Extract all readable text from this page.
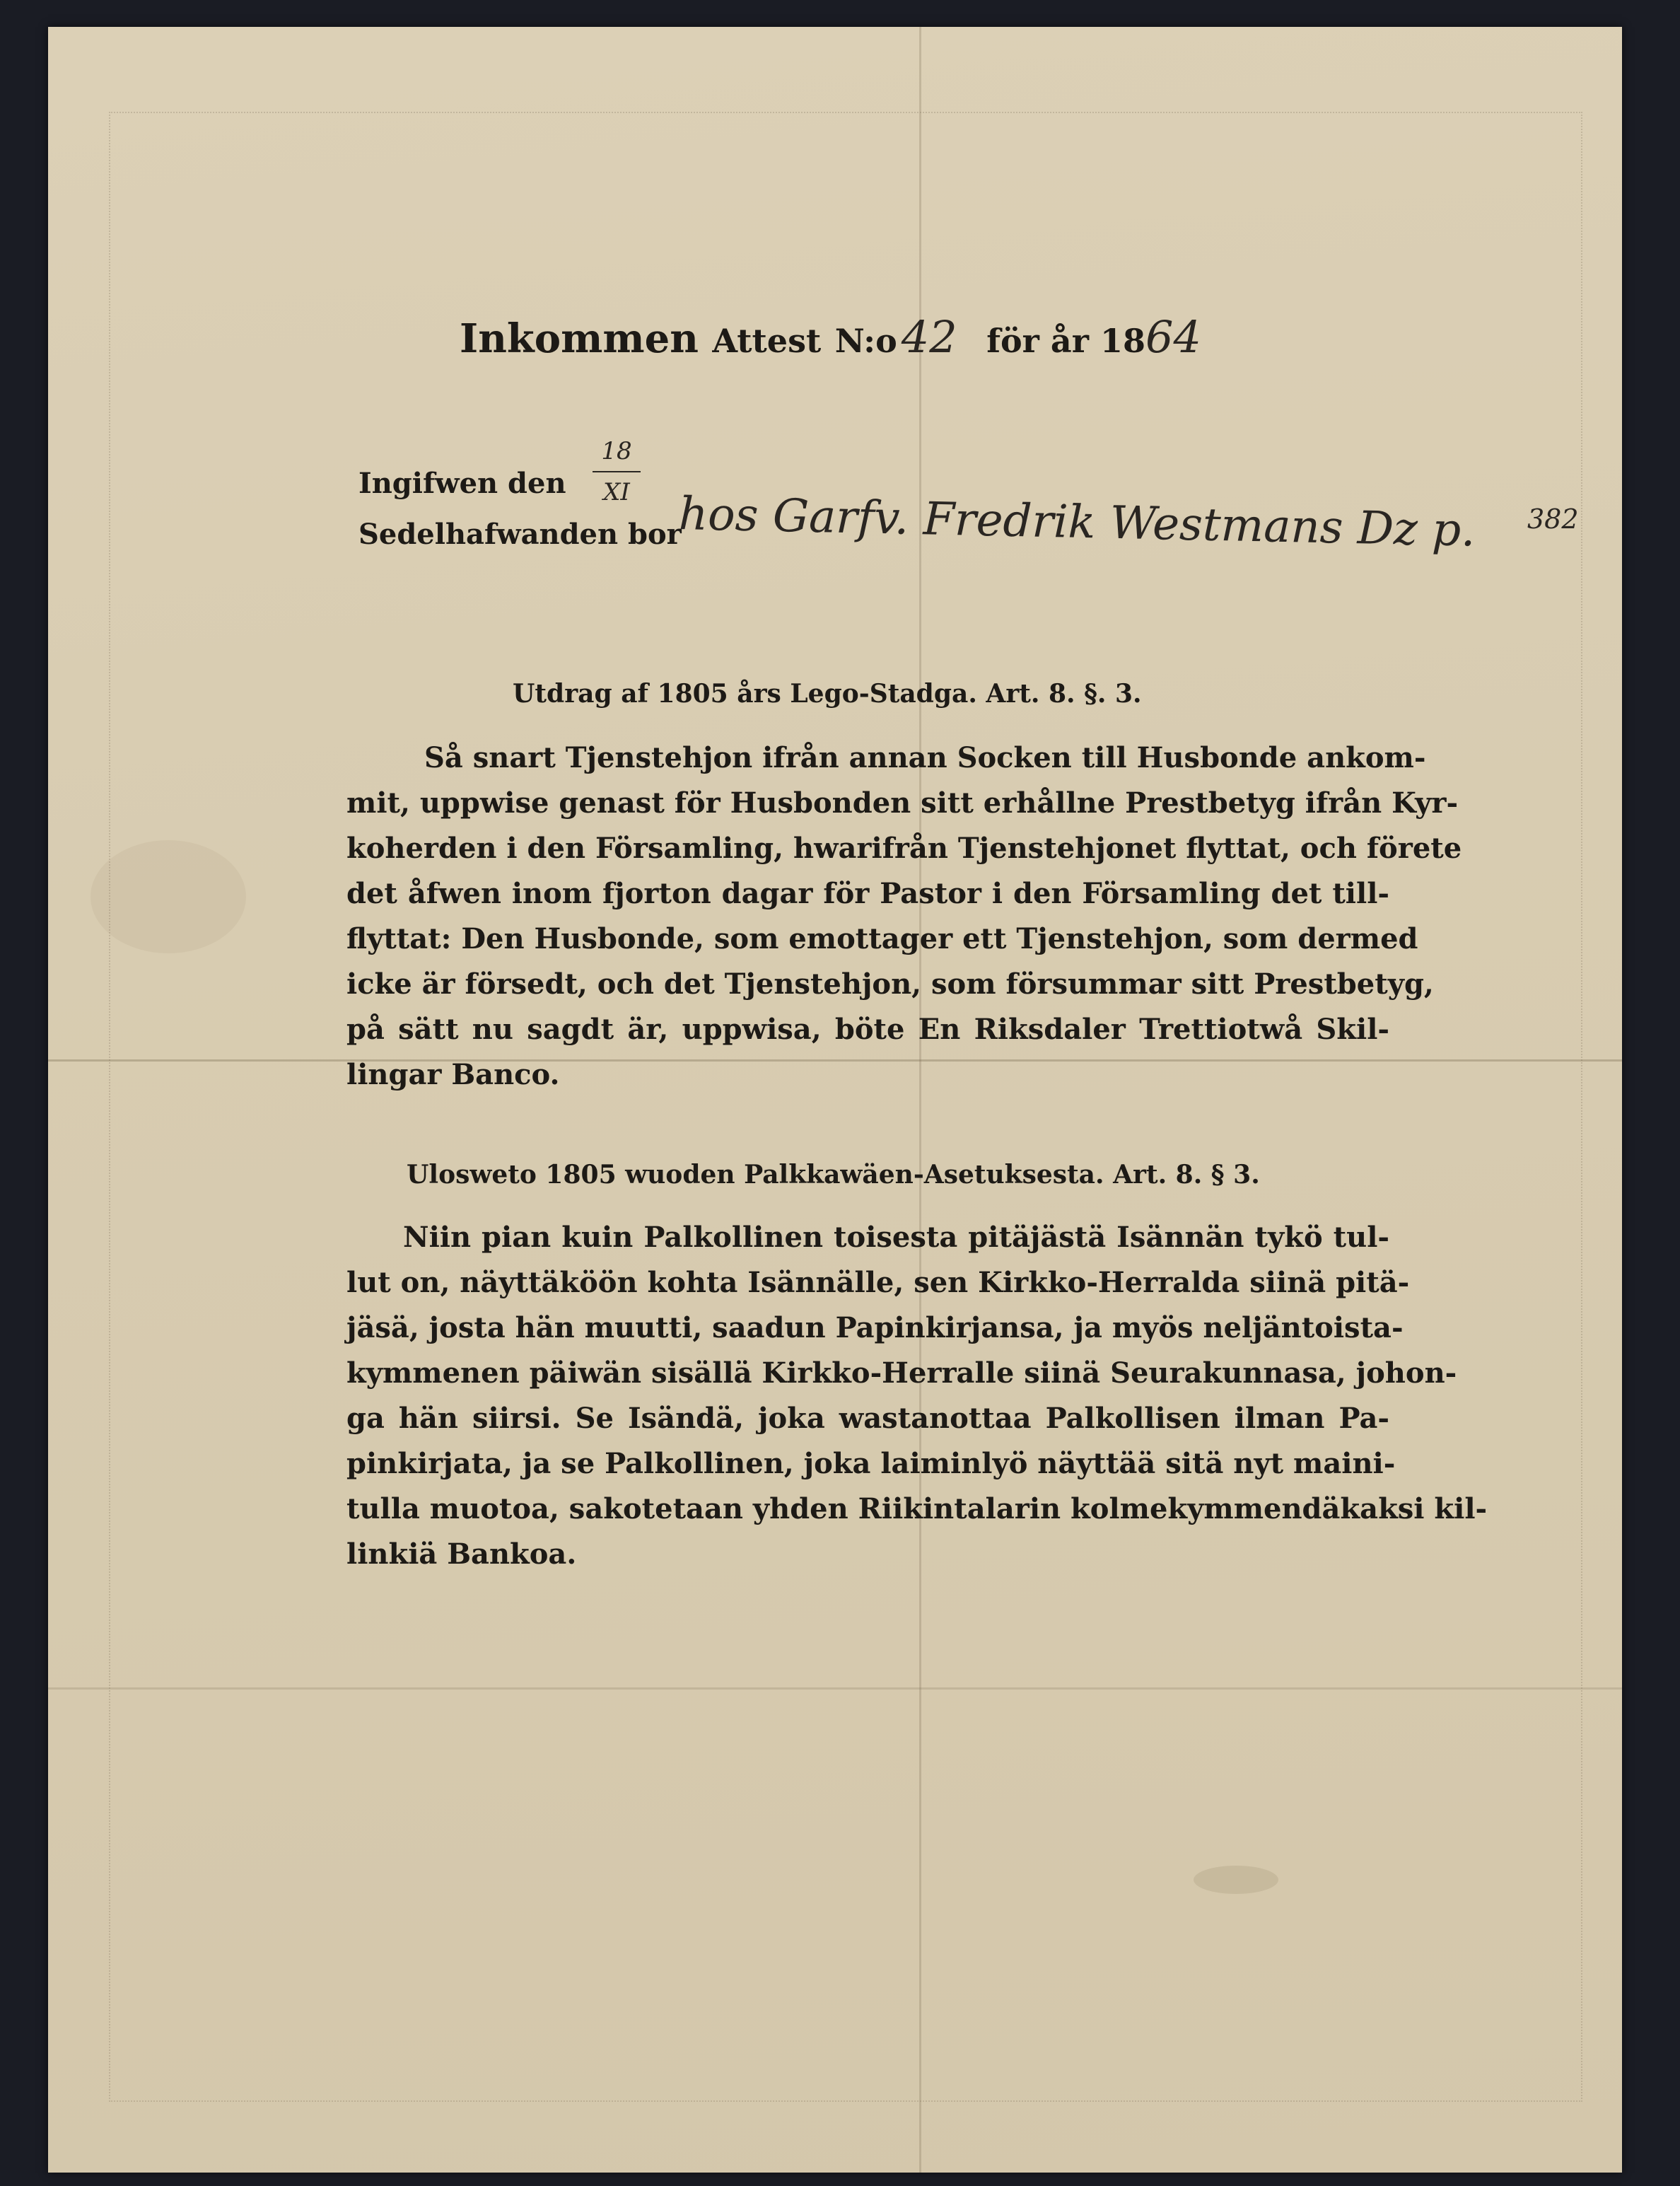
Inkommen Attest N:o42 för år 1864
Ingifwen den
18
XI
Sedelhafwanden bor
hos Garfv. Fredrik Westmans Dz p. 382
Utdrag af 1805 års Lego-Stadga. Art. 8. §. 3.
Så snart Tjenstehjon ifrån annan Socken till Husbonde ankom-
mit, uppwise genast för Husbonden sitt erhållne Prestbetyg ifrån Kyr-
koherden i den Församling, hwarifrån Tjenstehjonet flyttat, och förete
det åfwen inom fjorton dagar för Pastor i den Församling det till-
flyttat: Den Husbonde, som emottager ett Tjenstehjon, som dermed
icke är försedt, och det Tjenstehjon, som försummar sitt Prestbetyg,
på sätt nu sagdt är, uppwisa, böte En Riksdaler Trettiotwå Skil-
lingar Banco.
Ulosweto 1805 wuoden Palkkawäen-Asetuksesta. Art. 8. § 3.
Niin pian kuin Palkollinen toisesta pitäjästä Isännän tykö tul-
lut on, näyttäköön kohta Isännälle, sen Kirkko-Herralda siinä pitä-
jäsä, josta hän muutti, saadun Papinkirjansa, ja myös neljäntoista-
kymmenen päiwän sisällä Kirkko-Herralle siinä Seurakunnasa, johon-
ga hän siirsi. Se Isändä, joka wastanottaa Palkollisen ilman Pa-
pinkirjata, ja se Palkollinen, joka laiminlyö näyttää sitä nyt maini-
tulla muotoa, sakotetaan yhden Riikintalarin kolmekymmendäkaksi kil-
linkiä Bankoa.
